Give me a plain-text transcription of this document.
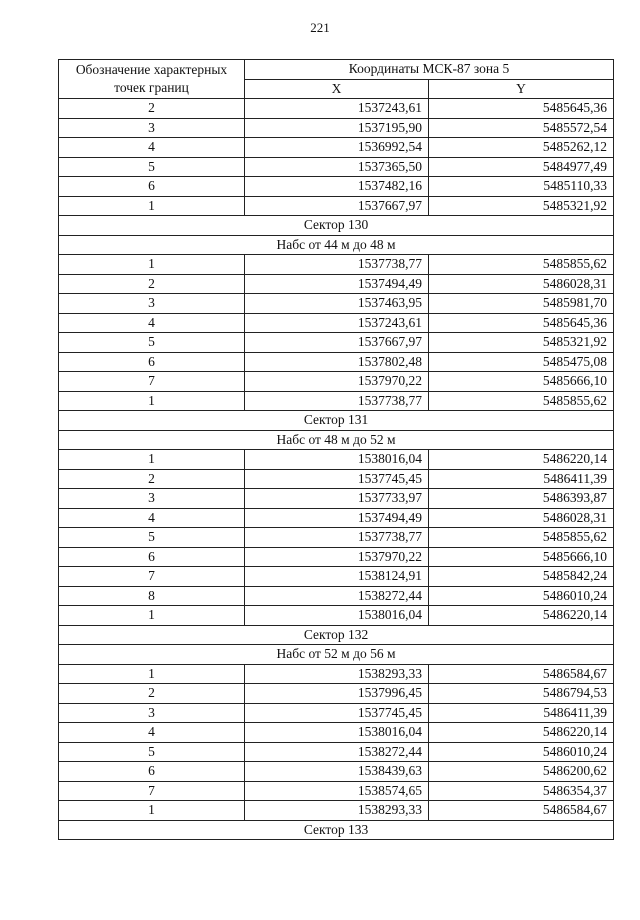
221
Обозначение характерных точек границ	Координаты МСК-87 зона 5	
	X	Y
2	1537243,61	5485645,36
3	1537195,90	5485572,54
4	1536992,54	5485262,12
5	1537365,50	5484977,49
6	1537482,16	5485110,33
1	1537667,97	5485321,92
Сектор 130		
Набс от 44 м до 48 м		
1	1537738,77	5485855,62
2	1537494,49	5486028,31
3	1537463,95	5485981,70
4	1537243,61	5485645,36
5	1537667,97	5485321,92
6	1537802,48	5485475,08
7	1537970,22	5485666,10
1	1537738,77	5485855,62
Сектор 131		
Набс от 48 м до 52 м		
1	1538016,04	5486220,14
2	1537745,45	5486411,39
3	1537733,97	5486393,87
4	1537494,49	5486028,31
5	1537738,77	5485855,62
6	1537970,22	5485666,10
7	1538124,91	5485842,24
8	1538272,44	5486010,24
1	1538016,04	5486220,14
Сектор 132		
Набс от 52 м до 56 м		
1	1538293,33	5486584,67
2	1537996,45	5486794,53
3	1537745,45	5486411,39
4	1538016,04	5486220,14
5	1538272,44	5486010,24
6	1538439,63	5486200,62
7	1538574,65	5486354,37
1	1538293,33	5486584,67
Сектор 133		
